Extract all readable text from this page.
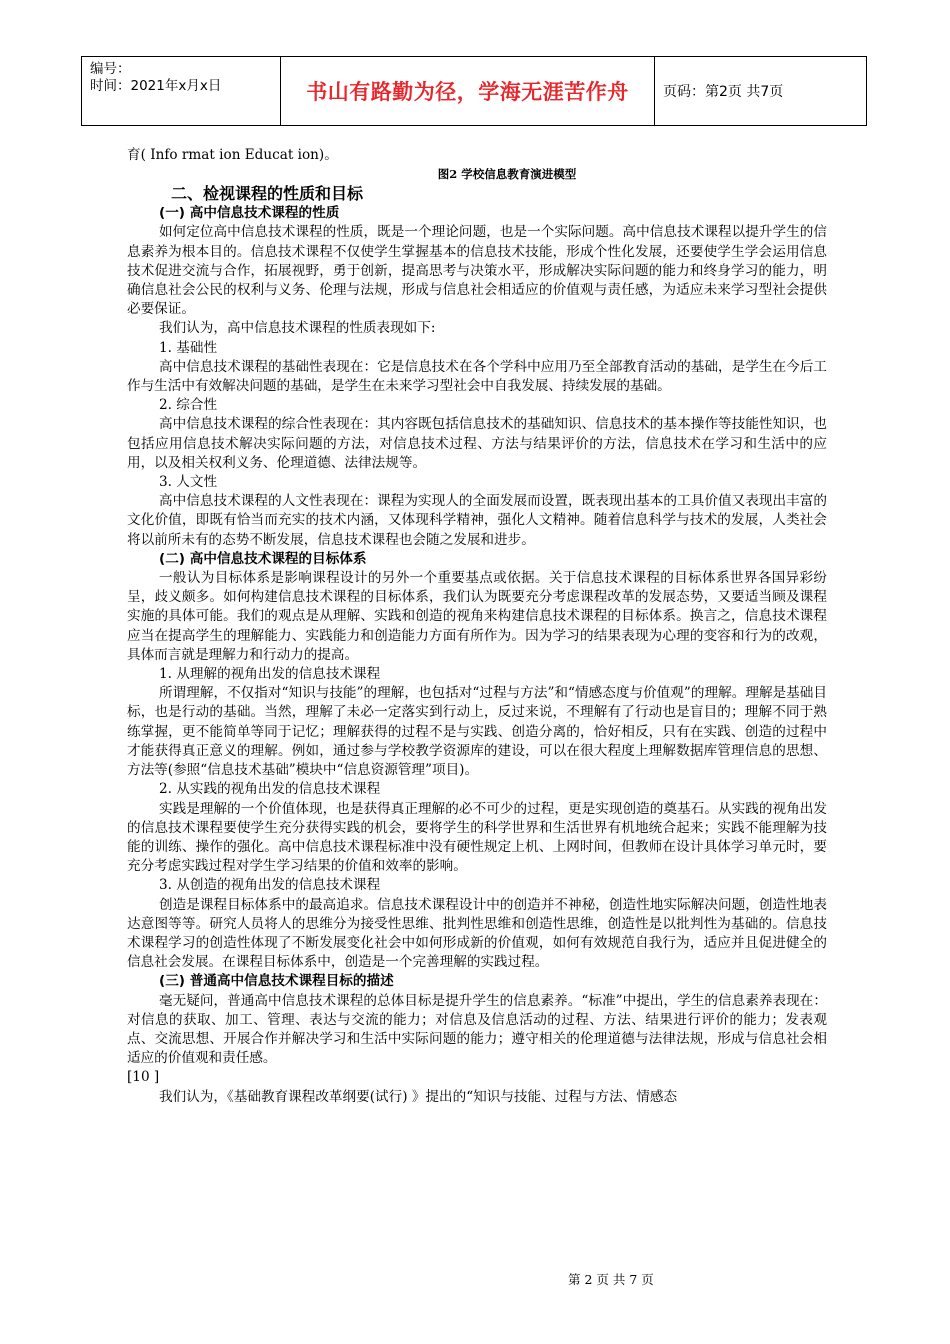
编号：
时间：2021年x月x日	书山有路勤为径，学海无涯苦作舟	页码：第2页 共7页
育( Info rmat ion Educat ion)。
图2 学校信息教育演进模型
二、检视课程的性质和目标
(一) 高中信息技术课程的性质
如何定位高中信息技术课程的性质，既是一个理论问题，也是一个实际问题。高中信息技术课程以提升学生的信息素养为根本目的。信息技术课程不仅使学生掌握基本的信息技术技能，形成个性化发展，还要使学生学会运用信息技术促进交流与合作，拓展视野，勇于创新，提高思考与决策水平，形成解决实际问题的能力和终身学习的能力，明确信息社会公民的权利与义务、伦理与法规，形成与信息社会相适应的价值观与责任感，为适应未来学习型社会提供必要保证。
我们认为，高中信息技术课程的性质表现如下:
1. 基础性
高中信息技术课程的基础性表现在：它是信息技术在各个学科中应用乃至全部教育活动的基础，是学生在今后工作与生活中有效解决问题的基础，是学生在未来学习型社会中自我发展、持续发展的基础。
2. 综合性
高中信息技术课程的综合性表现在：其内容既包括信息技术的基础知识、信息技术的基本操作等技能性知识，也包括应用信息技术解决实际问题的方法，对信息技术过程、方法与结果评价的方法，信息技术在学习和生活中的应用，以及相关权利义务、伦理道德、法律法规等。
3. 人文性
高中信息技术课程的人文性表现在：课程为实现人的全面发展而设置，既表现出基本的工具价值又表现出丰富的文化价值，即既有恰当而充实的技术内涵，又体现科学精神，强化人文精神。随着信息科学与技术的发展，人类社会将以前所未有的态势不断发展，信息技术课程也会随之发展和进步。
(二) 高中信息技术课程的目标体系
一般认为目标体系是影响课程设计的另外一个重要基点或依据。关于信息技术课程的目标体系世界各国异彩纷呈，歧义颇多。如何构建信息技术课程的目标体系，我们认为既要充分考虑课程改革的发展态势，又要适当顾及课程实施的具体可能。我们的观点是从理解、实践和创造的视角来构建信息技术课程的目标体系。换言之，信息技术课程应当在提高学生的理解能力、实践能力和创造能力方面有所作为。因为学习的结果表现为心理的变容和行为的改观，具体而言就是理解力和行动力的提高。
1. 从理解的视角出发的信息技术课程
所谓理解，不仅指对“知识与技能”的理解，也包括对“过程与方法”和“情感态度与价值观”的理解。理解是基础目标，也是行动的基础。当然，理解了未必一定落实到行动上，反过来说，不理解有了行动也是盲目的；理解不同于熟练掌握，更不能简单等同于记忆；理解获得的过程不是与实践、创造分离的，恰好相反，只有在实践、创造的过程中才能获得真正意义的理解。例如，通过参与学校教学资源库的建设，可以在很大程度上理解数据库管理信息的思想、方法等(参照“信息技术基础”模块中“信息资源管理”项目)。
2. 从实践的视角出发的信息技术课程
实践是理解的一个价值体现，也是获得真正理解的必不可少的过程，更是实现创造的奠基石。从实践的视角出发的信息技术课程要使学生充分获得实践的机会，要将学生的科学世界和生活世界有机地统合起来；实践不能理解为技能的训练、操作的强化。高中信息技术课程标准中没有硬性规定上机、上网时间，但教师在设计具体学习单元时，要充分考虑实践过程对学生学习结果的价值和效率的影响。
3. 从创造的视角出发的信息技术课程
创造是课程目标体系中的最高追求。信息技术课程设计中的创造并不神秘，创造性地实际解决问题，创造性地表达意图等等。研究人员将人的思维分为接受性思维、批判性思维和创造性思维，创造性是以批判性为基础的。信息技术课程学习的创造性体现了不断发展变化社会中如何形成新的价值观，如何有效规范自我行为，适应并且促进健全的信息社会发展。在课程目标体系中，创造是一个完善理解的实践过程。
(三) 普通高中信息技术课程目标的描述
毫无疑问，普通高中信息技术课程的总体目标是提升学生的信息素养。“标准”中提出，学生的信息素养表现在：对信息的获取、加工、管理、表达与交流的能力；对信息及信息活动的过程、方法、结果进行评价的能力；发表观点、交流思想、开展合作并解决学习和生活中实际问题的能力；遵守相关的伦理道德与法律法规，形成与信息社会相适应的价值观和责任感。
[10 ]
我们认为，《基础教育课程改革纲要(试行) 》提出的“知识与技能、过程与方法、情感态
第 2 页 共 7 页
